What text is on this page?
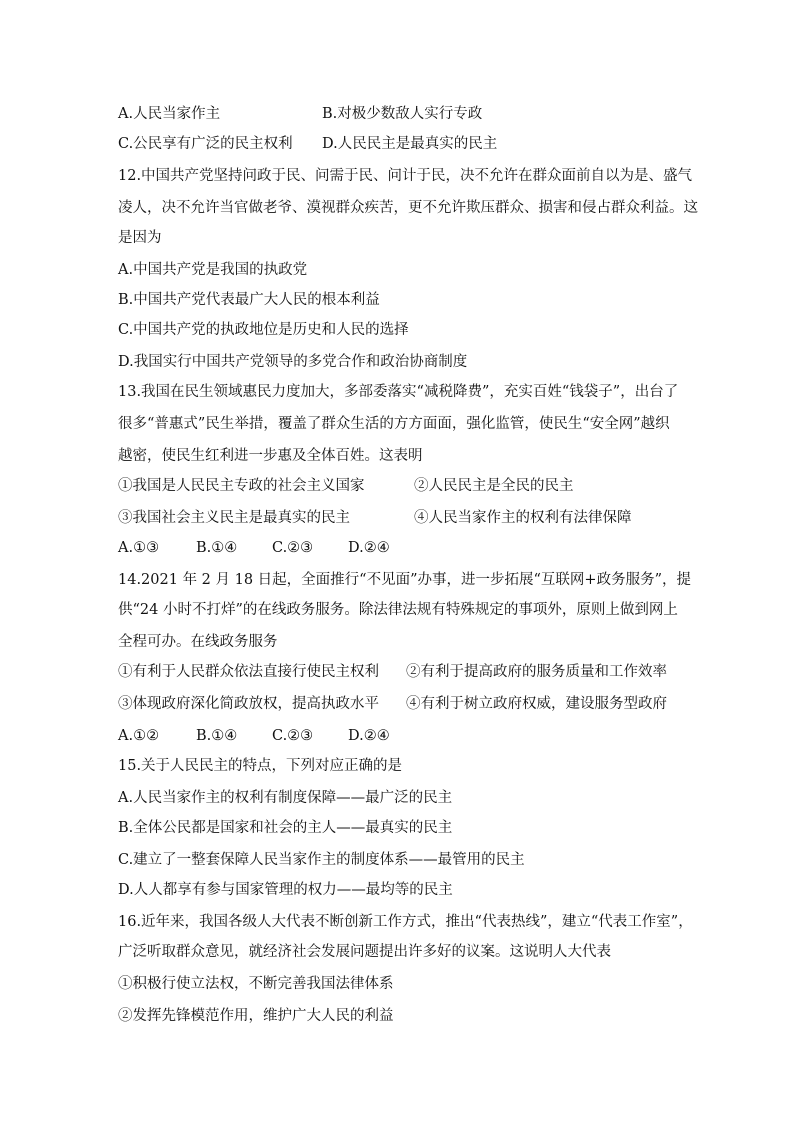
A.人民当家作主	B.对极少数敌人实行专政
C.公民享有广泛的民主权利 D.人民民主是最真实的民主
12.中国共产党坚持问政于民、问需于民、问计于民，决不允许在群众面前自以为是、盛气
凌人，决不允许当官做老爷、漠视群众疾苦，更不允许欺压群众、损害和侵占群众利益。这
是因为
A.中国共产党是我国的执政党
B.中国共产党代表最广大人民的根本利益
C.中国共产党的执政地位是历史和人民的选择
D.我国实行中国共产党领导的多党合作和政治协商制度
13.我国在民生领域惠民力度加大，多部委落实“减税降费”，充实百姓“钱袋子”，出台了
很多“普惠式”民生举措，覆盖了群众生活的方方面面，强化监管，使民生“安全网”越织
越密，使民生红利进一步惠及全体百姓。这表明
①我国是人民民主专政的社会主义国家	②人民民主是全民的民主
③我国社会主义民主是最真实的民主	④人民当家作主的权利有法律保障
A.①③	B.①④ C.②③ D.②④
14.2021 年 2 月 18 日起，全面推行“不见面”办事，进一步拓展“互联网+政务服务”，提
供“24 小时不打烊”的在线政务服务。除法律法规有特殊规定的事项外，原则上做到网上
全程可办。在线政务服务
①有利于人民群众依法直接行使民主权利 ②有利于提高政府的服务质量和工作效率
③体现政府深化简政放权，提高执政水平 ④有利于树立政府权威，建设服务型政府
A.①②	B.①④ C.②③ D.②④
15.关于人民民主的特点，下列对应正确的是
A.人民当家作主的权利有制度保障——最广泛的民主
B.全体公民都是国家和社会的主人——最真实的民主
C.建立了一整套保障人民当家作主的制度体系——最管用的民主
D.人人都享有参与国家管理的权力——最均等的民主
16.近年来，我国各级人大代表不断创新工作方式，推出“代表热线”，建立“代表工作室”，
广泛听取群众意见，就经济社会发展问题提出许多好的议案。这说明人大代表
①积极行使立法权，不断完善我国法律体系
②发挥先锋模范作用，维护广大人民的利益
